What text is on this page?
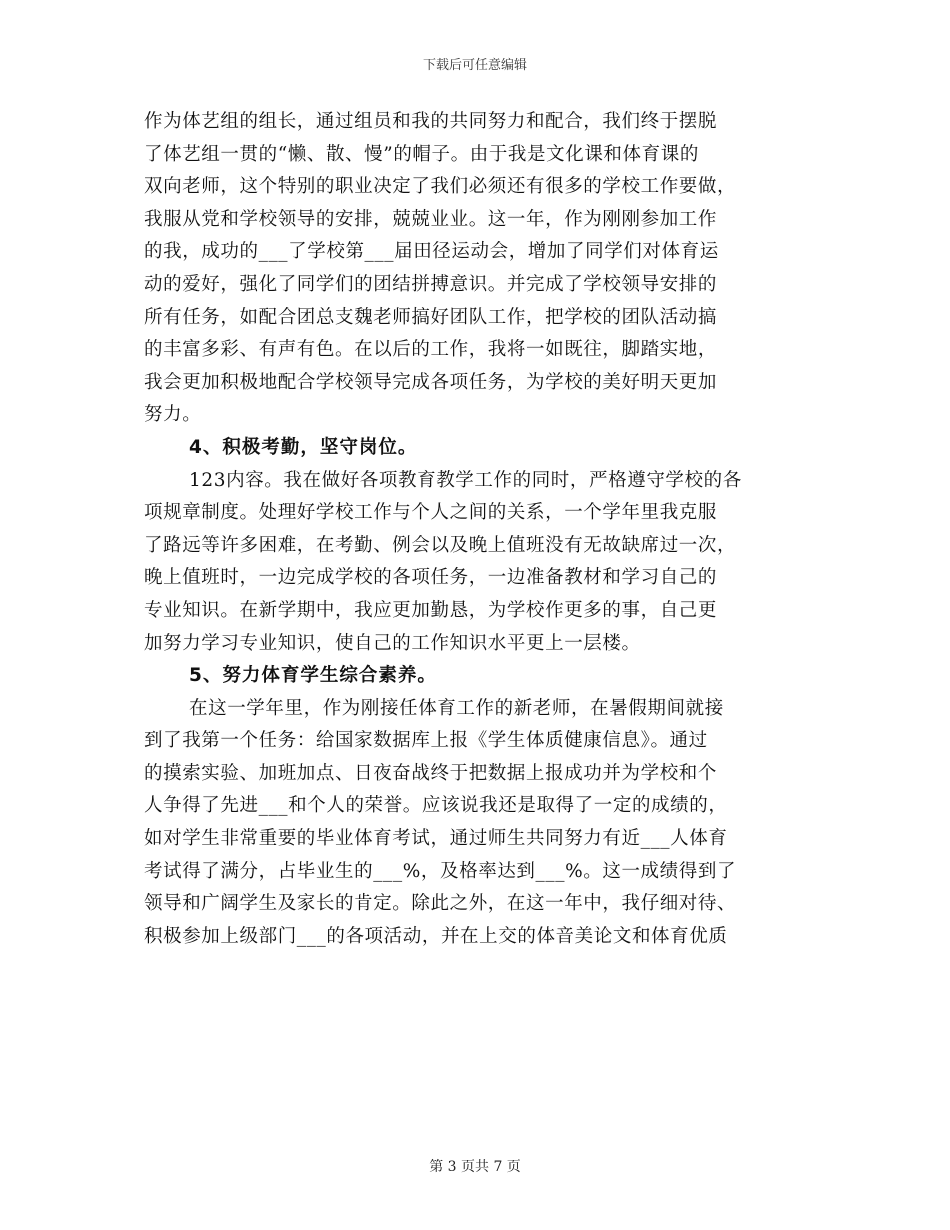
下载后可任意编辑
作为体艺组的组长，通过组员和我的共同努力和配合，我们终于摆脱
了体艺组一贯的“懒、散、慢”的帽子。由于我是文化课和体育课的
双向老师，这个特别的职业决定了我们必须还有很多的学校工作要做，
我服从党和学校领导的安排，兢兢业业。这一年，作为刚刚参加工作
的我，成功的___了学校第___届田径运动会，增加了同学们对体育运
动的爱好，强化了同学们的团结拼搏意识。并完成了学校领导安排的
所有任务，如配合团总支魏老师搞好团队工作，把学校的团队活动搞
的丰富多彩、有声有色。在以后的工作，我将一如既往，脚踏实地，
我会更加积极地配合学校领导完成各项任务，为学校的美好明天更加
努力。
4、积极考勤，坚守岗位。
123内容。我在做好各项教育教学工作的同时，严格遵守学校的各
项规章制度。处理好学校工作与个人之间的关系，一个学年里我克服
了路远等许多困难，在考勤、例会以及晚上值班没有无故缺席过一次，
晚上值班时，一边完成学校的各项任务，一边准备教材和学习自己的
专业知识。在新学期中，我应更加勤恳，为学校作更多的事，自己更
加努力学习专业知识，使自己的工作知识水平更上一层楼。
5、努力体育学生综合素养。
在这一学年里，作为刚接任体育工作的新老师，在暑假期间就接
到了我第一个任务：给国家数据库上报《学生体质健康信息》。通过
的摸索实验、加班加点、日夜奋战终于把数据上报成功并为学校和个
人争得了先进___和个人的荣誉。应该说我还是取得了一定的成绩的，
如对学生非常重要的毕业体育考试，通过师生共同努力有近___人体育
考试得了满分，占毕业生的___%，及格率达到___%。这一成绩得到了
领导和广阔学生及家长的肯定。除此之外，在这一年中，我仔细对待、
积极参加上级部门___的各项活动，并在上交的体音美论文和体育优质
第 3 页共 7 页
